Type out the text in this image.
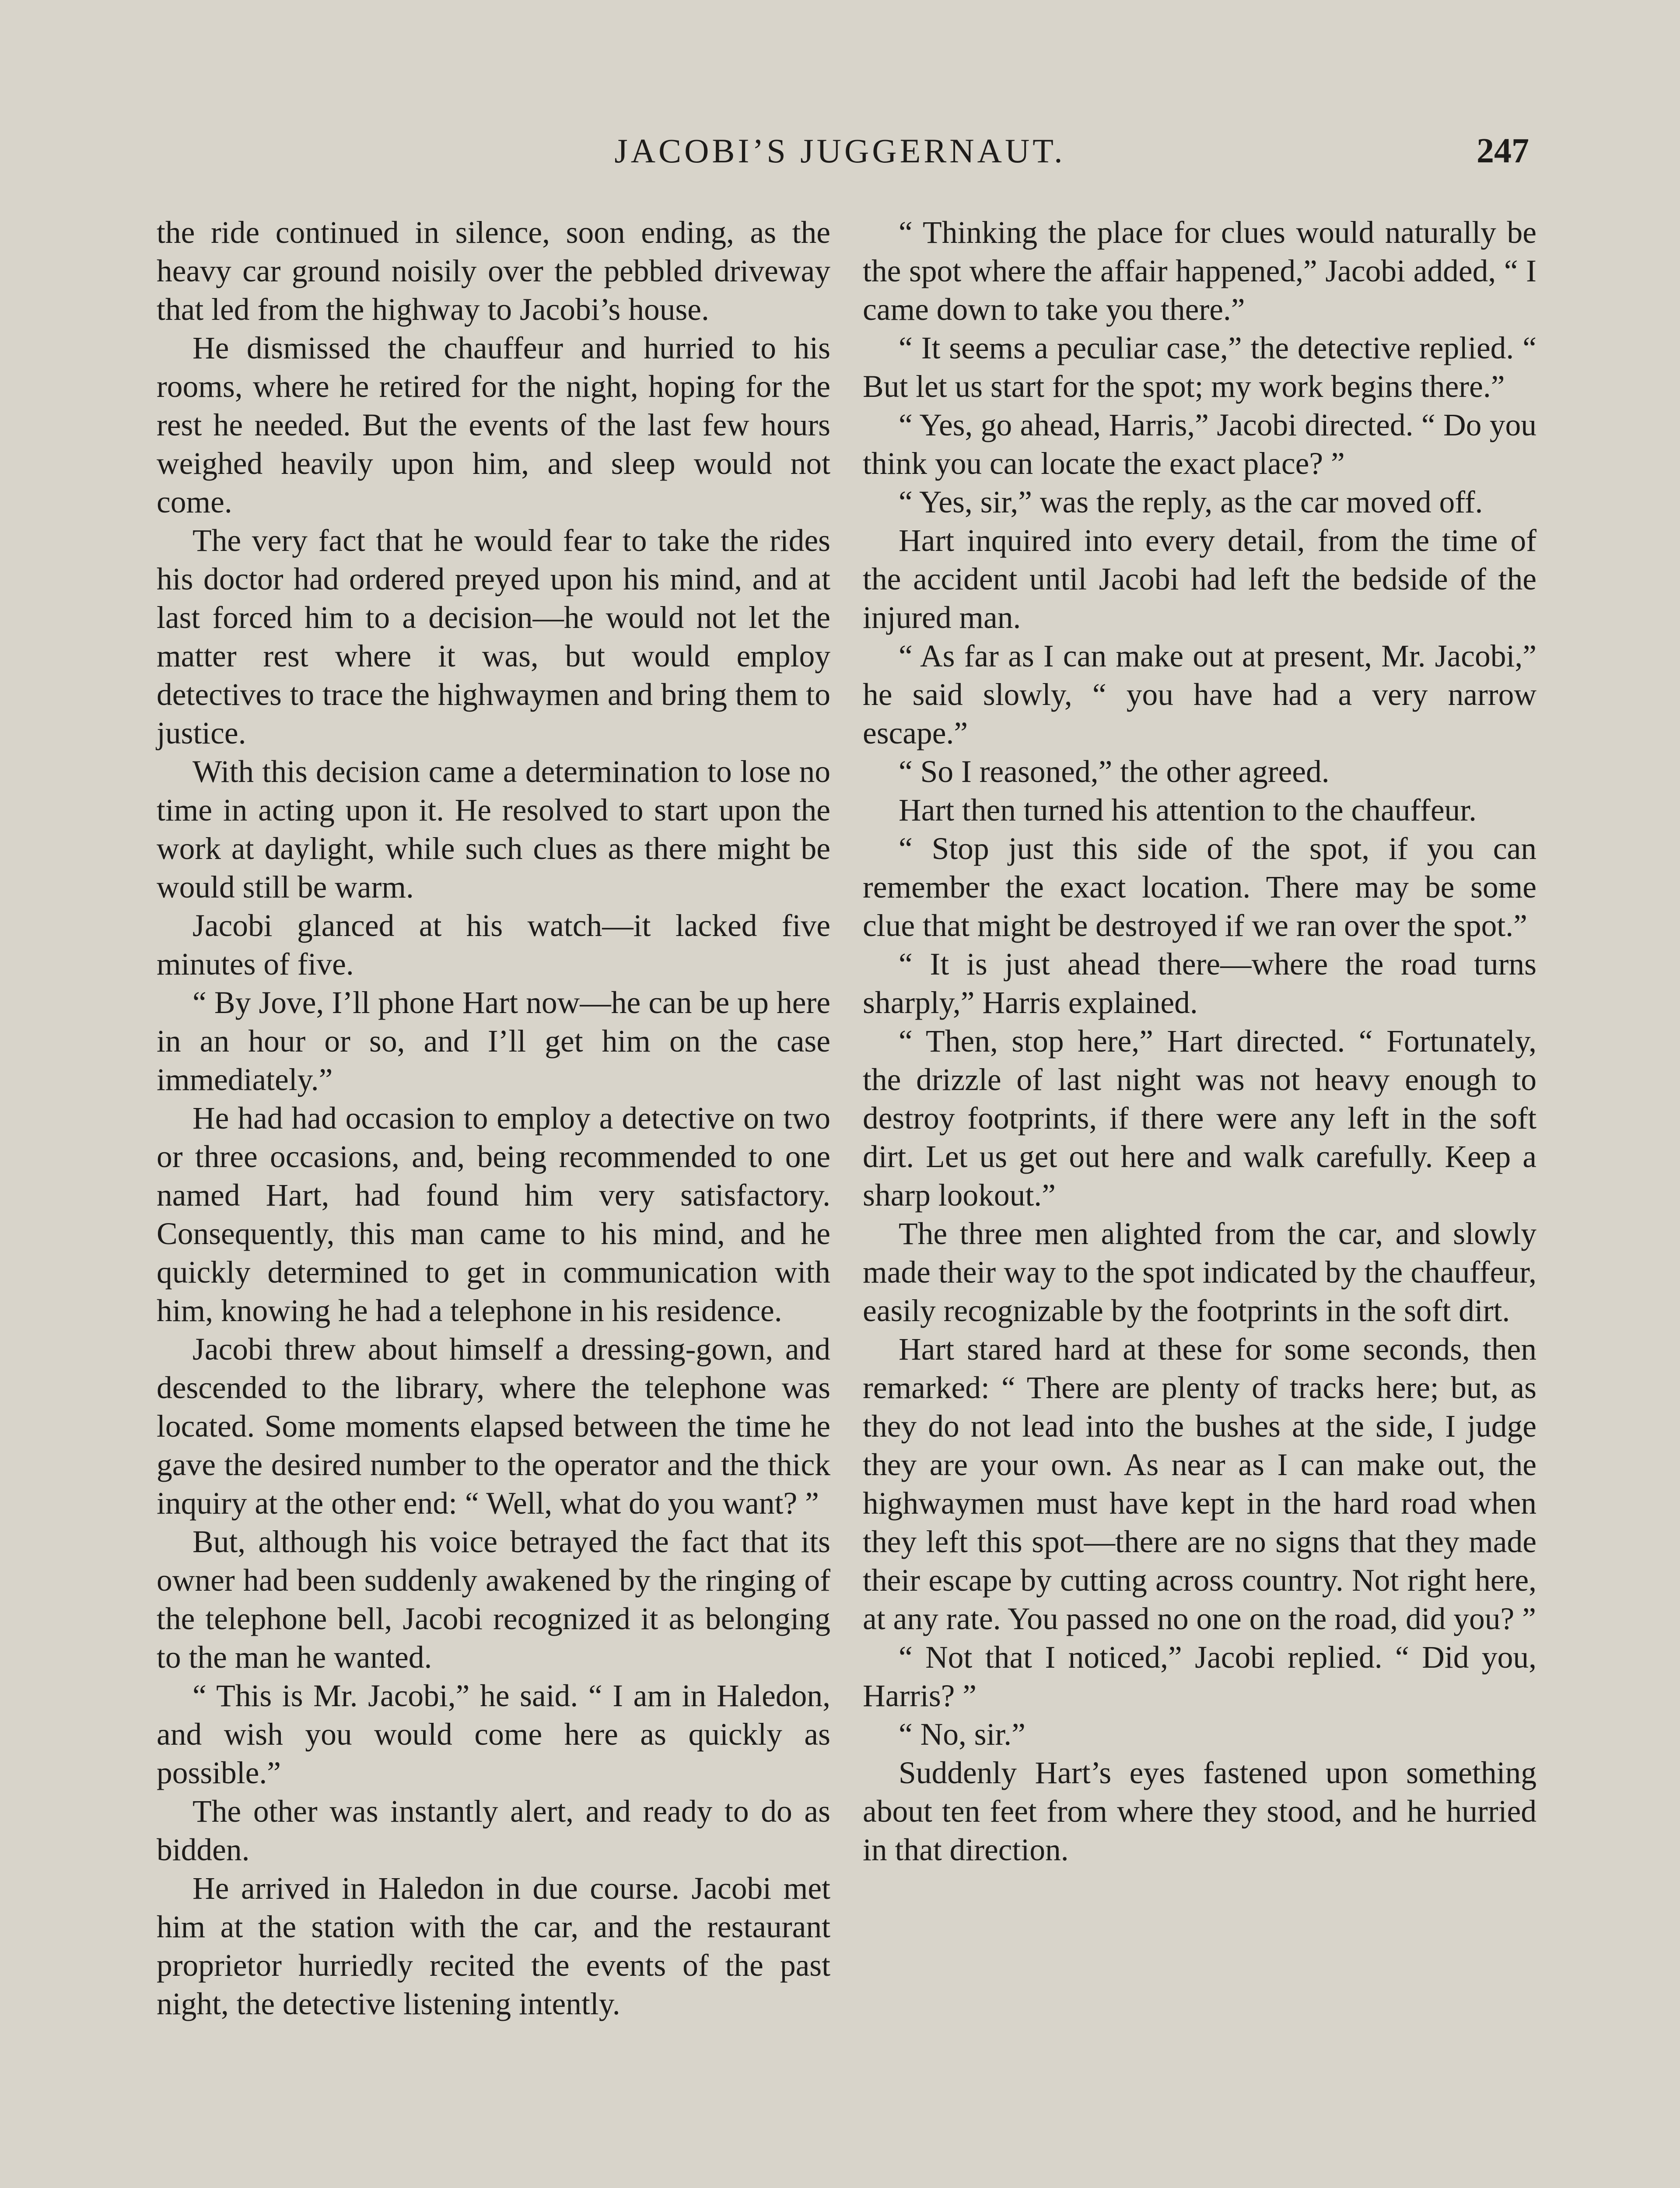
JACOBI’S JUGGERNAUT.	247

the ride continued in silence, soon ending, as the heavy car ground noisily over the pebbled driveway that led from the highway to Jacobi’s house.

He dismissed the chauffeur and hurried to his rooms, where he retired for the night, hoping for the rest he needed. But the events of the last few hours weighed heavily upon him, and sleep would not come.

The very fact that he would fear to take the rides his doctor had ordered preyed upon his mind, and at last forced him to a decision—he would not let the matter rest where it was, but would employ detectives to trace the highwaymen and bring them to justice.

With this decision came a determination to lose no time in acting upon it. He resolved to start upon the work at daylight, while such clues as there might be would still be warm.

Jacobi glanced at his watch—it lacked five minutes of five.

“ By Jove, I’ll phone Hart now—he can be up here in an hour or so, and I’ll get him on the case immediately.”

He had had occasion to employ a detective on two or three occasions, and, being recommended to one named Hart, had found him very satisfactory. Consequently, this man came to his mind, and he quickly determined to get in communication with him, knowing he had a telephone in his residence.

Jacobi threw about himself a dressing-gown, and descended to the library, where the telephone was located. Some moments elapsed between the time he gave the desired number to the operator and the thick inquiry at the other end: “ Well, what do you want? ”

But, although his voice betrayed the fact that its owner had been suddenly awakened by the ringing of the telephone bell, Jacobi recognized it as belonging to the man he wanted.

“ This is Mr. Jacobi,” he said. “ I am in Haledon, and wish you would come here as quickly as possible.”

The other was instantly alert, and ready to do as bidden.

He arrived in Haledon in due course. Jacobi met him at the station with the car, and the restaurant proprietor hurriedly recited the events of the past night, the detective listening intently.

“ Thinking the place for clues would naturally be the spot where the affair happened,” Jacobi added, “ I came down to take you there.”

“ It seems a peculiar case,” the detective replied. “ But let us start for the spot; my work begins there.”

“ Yes, go ahead, Harris,” Jacobi directed. “ Do you think you can locate the exact place? ”

“ Yes, sir,” was the reply, as the car moved off.

Hart inquired into every detail, from the time of the accident until Jacobi had left the bedside of the injured man.

“ As far as I can make out at present, Mr. Jacobi,” he said slowly, “ you have had a very narrow escape.”

“ So I reasoned,” the other agreed.

Hart then turned his attention to the chauffeur.

“ Stop just this side of the spot, if you can remember the exact location. There may be some clue that might be destroyed if we ran over the spot.”

“ It is just ahead there—where the road turns sharply,” Harris explained.

“ Then, stop here,” Hart directed. “ Fortunately, the drizzle of last night was not heavy enough to destroy footprints, if there were any left in the soft dirt. Let us get out here and walk carefully. Keep a sharp lookout.”

The three men alighted from the car, and slowly made their way to the spot indicated by the chauffeur, easily recognizable by the footprints in the soft dirt.

Hart stared hard at these for some seconds, then remarked: “ There are plenty of tracks here; but, as they do not lead into the bushes at the side, I judge they are your own. As near as I can make out, the highwaymen must have kept in the hard road when they left this spot—there are no signs that they made their escape by cutting across country. Not right here, at any rate. You passed no one on the road, did you? ”

“ Not that I noticed,” Jacobi replied. “ Did you, Harris? ”

“ No, sir.”

Suddenly Hart’s eyes fastened upon something about ten feet from where they stood, and he hurried in that direction.
